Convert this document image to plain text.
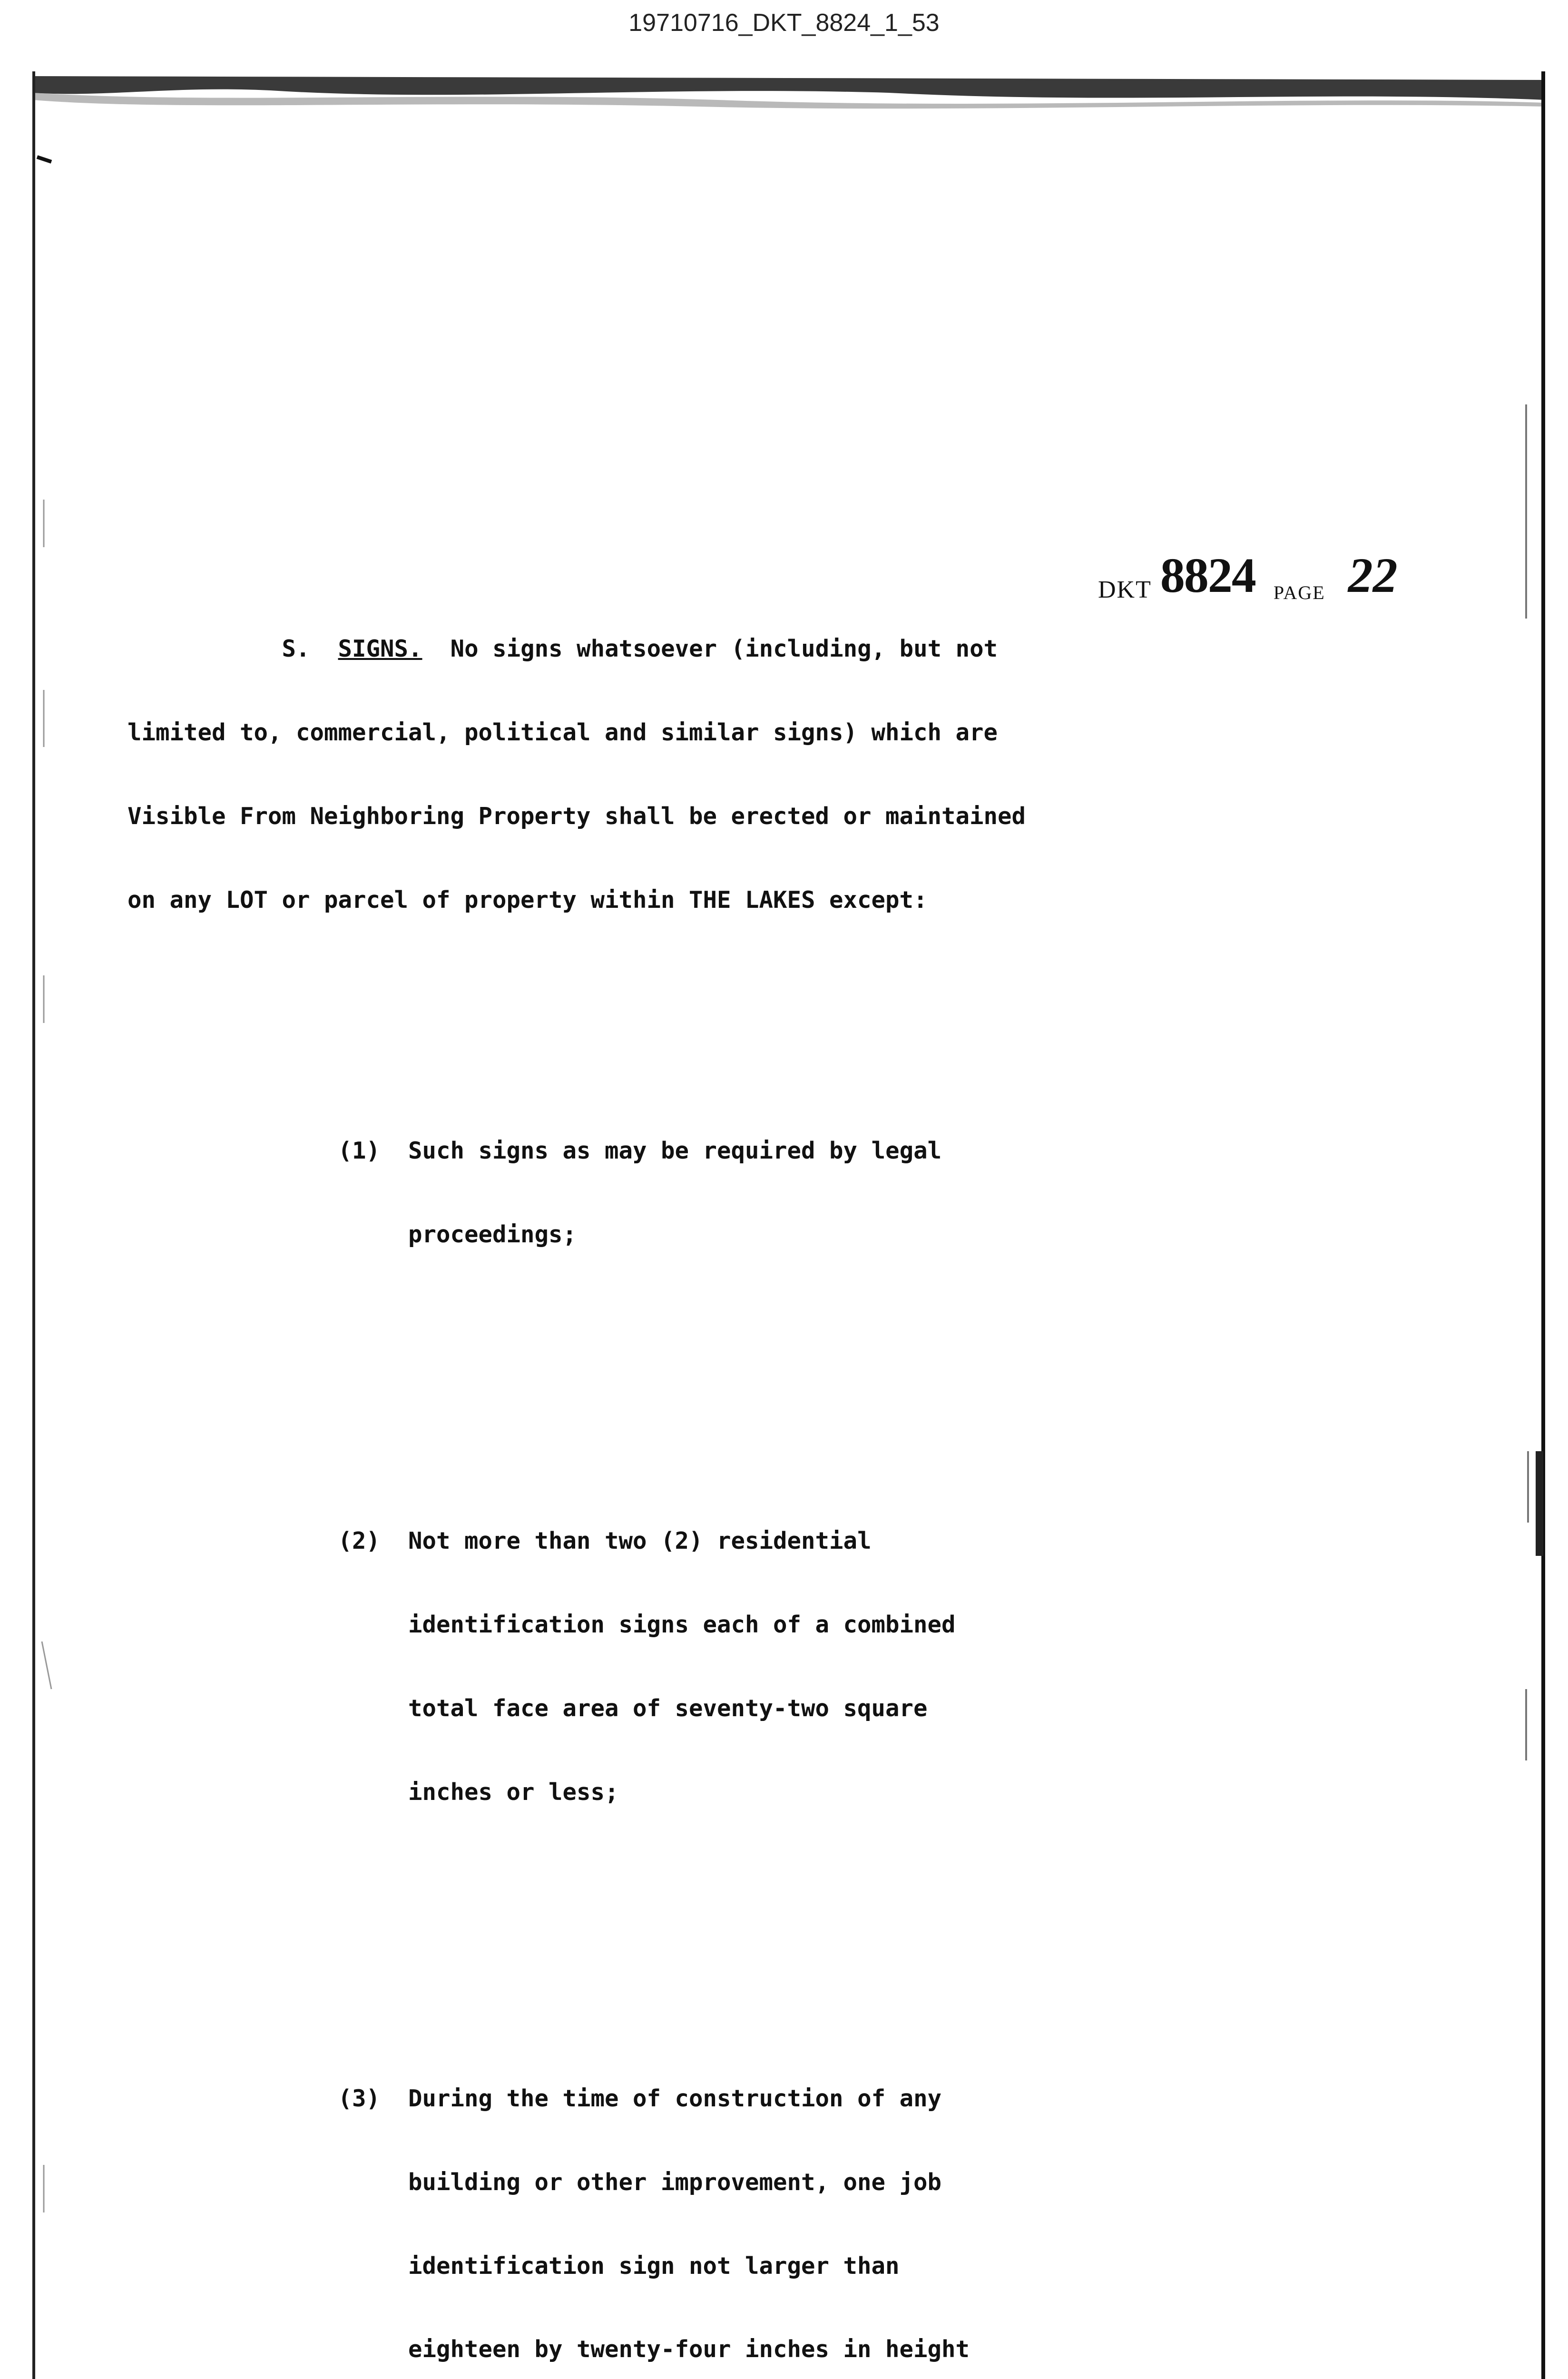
19710716_DKT_8824_1_53
DKT 8824 PAGE 22

S. SIGNS. No signs whatsoever (including, but not

limited to, commercial, political and similar signs) which are

Visible From Neighboring Property shall be erected or maintained

on any LOT or parcel of property within THE LAKES except:

(1) Such signs as may be required by legal

proceedings;

(2) Not more than two (2) residential

identification signs each of a combined

total face area of seventy-two square

inches or less;

(3) During the time of construction of any

building or other improvement, one job

identification sign not larger than

eighteen by twenty-four inches in height
